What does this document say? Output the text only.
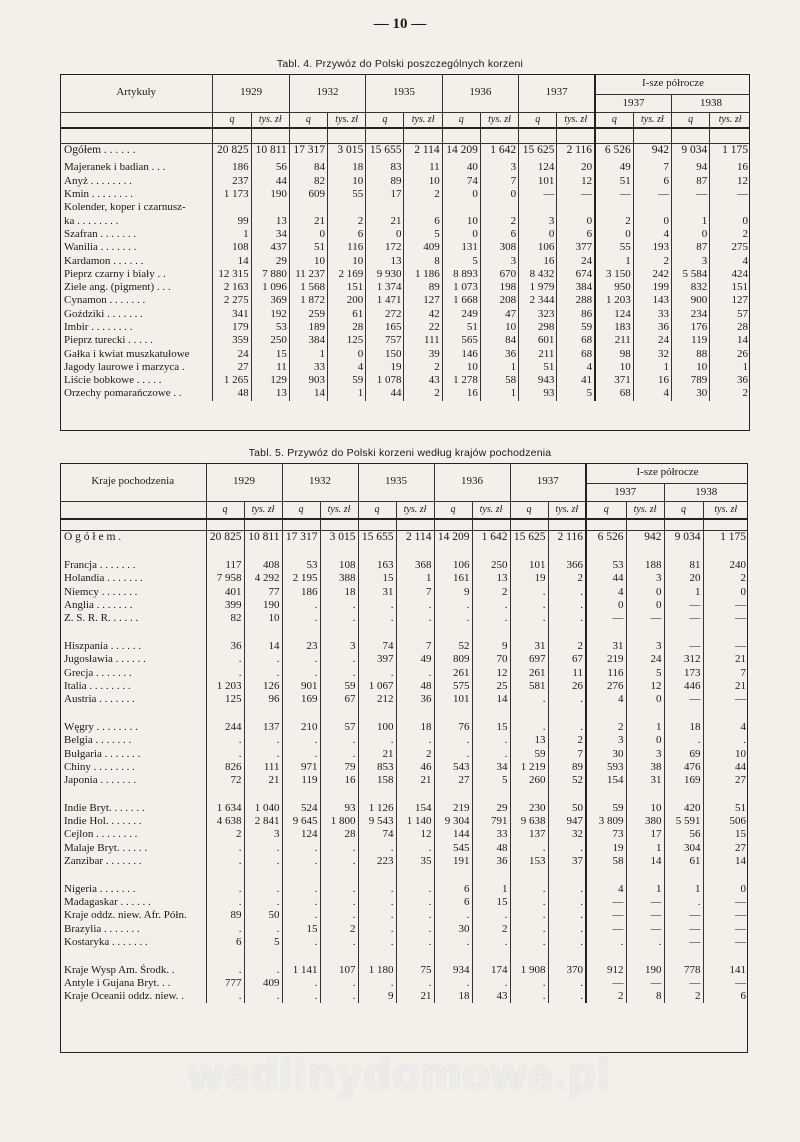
— 10 —
Tabl. 4. Przywóz do Polski poszczególnych korzeni
Artykuły	1929		1932		1935		1936		1937		I-sze półrocze			
											1937		1938	
	q	tys. zł	q	tys. zł	q	tys. zł	q	tys. zł	q	tys. zł	q	tys. zł	q	tys. zł

Ogółem . . . . . .	20 825	10 811	17 317	3 015	15 655	2 114	14 209	1 642	15 625	2 116	6 526	942	9 034	1 175

Majeranek i badian . . .	186	56	84	18	83	11	40	3	124	20	49	7	94	16
Anyż . . . . . . . .	237	44	82	10	89	10	74	7	101	12	51	6	87	12
Kmin . . . . . . . .	1 173	190	609	55	17	2	0	0	—	—	—	—	—	—
Kolender, koper i czarnusz-														
ka . . . . . . . .	99	13	21	2	21	6	10	2	3	0	2	0	1	0
Szafran . . . . . . .	1	34	0	6	0	5	0	6	0	6	0	4	0	2
Wanilia . . . . . . .	108	437	51	116	172	409	131	308	106	377	55	193	87	275
Kardamon . . . . . .	14	29	10	10	13	8	5	3	16	24	1	2	3	4
Pieprz czarny i biały . .	12 315	7 880	11 237	2 169	9 930	1 186	8 893	670	8 432	674	3 150	242	5 584	424
Ziele ang. (pigment) . . .	2 163	1 096	1 568	151	1 374	89	1 073	198	1 979	384	950	199	832	151
Cynamon . . . . . . .	2 275	369	1 872	200	1 471	127	1 668	208	2 344	288	1 203	143	900	127
Goździki . . . . . . .	341	192	259	61	272	42	249	47	323	86	124	33	234	57
Imbir . . . . . . . .	179	53	189	28	165	22	51	10	298	59	183	36	176	28
Pieprz turecki . . . . .	359	250	384	125	757	111	565	84	601	68	211	24	119	14
Gałka i kwiat muszkatułowe	24	15	1	0	150	39	146	36	211	68	98	32	88	26
Jagody laurowe i marzyca .	27	11	33	4	19	2	10	1	51	4	10	1	10	1
Liście bobkowe . . . . .	1 265	129	903	59	1 078	43	1 278	58	943	41	371	16	789	36
Orzechy pomarańczowe . .	48	13	14	1	44	2	16	1	93	5	68	4	30	2
Tabl. 5. Przywóz do Polski korzeni według krajów pochodzenia
Kraje pochodzenia	1929		1932		1935		1936		1937		I-sze półrocze			
											1937		1938	
	q	tys. zł	q	tys. zł	q	tys. zł	q	tys. zł	q	tys. zł	q	tys. zł	q	tys. zł

O g ó ł e m .	20 825	10 811	17 317	3 015	15 655	2 114	14 209	1 642	15 625	2 116	6 526	942	9 034	1 175

Francja . . . . . . .	117	408	53	108	163	368	106	250	101	366	53	188	81	240
Holandia . . . . . . .	7 958	4 292	2 195	388	15	1	161	13	19	2	44	3	20	2
Niemcy . . . . . . .	401	77	186	18	31	7	9	2	.	.	4	0	1	0
Anglia . . . . . . .	399	190	.	.	.	.	.	.	.	.	0	0	—	—
Z. S. R. R. . . . . .	82	10	.	.	.	.	.	.	.	.	—	—	—	—

Hiszpania . . . . . .	36	14	23	3	74	7	52	9	31	2	31	3	—	—
Jugosławia . . . . . .	.	.	.	.	397	49	809	70	697	67	219	24	312	21
Grecja . . . . . . .	.	.	.	.	.	.	261	12	261	11	116	5	173	7
Italia . . . . . . . .	1 203	126	901	59	1 067	48	575	25	581	26	276	12	446	21
Austria . . . . . . .	125	96	169	67	212	36	101	14	.	.	4	0	—	—

Węgry . . . . . . . .	244	137	210	57	100	18	76	15	.	.	2	1	18	4
Belgia . . . . . . .	.	.	.	.	.	.	.	.	13	2	3	0	.	.
Bułgaria . . . . . . .	.	.	.	.	21	2	.	.	59	7	30	3	69	10
Chiny . . . . . . . .	826	111	971	79	853	46	543	34	1 219	89	593	38	476	44
Japonia . . . . . . .	72	21	119	16	158	21	27	5	260	52	154	31	169	27

Indie Bryt. . . . . . .	1 634	1 040	524	93	1 126	154	219	29	230	50	59	10	420	51
Indie Hol. . . . . . .	4 638	2 841	9 645	1 800	9 543	1 140	9 304	791	9 638	947	3 809	380	5 591	506
Cejlon . . . . . . . .	2	3	124	28	74	12	144	33	137	32	73	17	56	15
Malaje Bryt. . . . . .	.	.	.	.	.	.	545	48	.	.	19	1	304	27
Zanzibar . . . . . . .	.	.	.	.	223	35	191	36	153	37	58	14	61	14

Nigeria . . . . . . .	.	.	.	.	.	.	6	1	.	.	4	1	1	0
Madagaskar . . . . . .	.	.	.	.	.	.	6	15	.	.	—	—	.	—
Kraje oddz. niew. Afr. Półn.	89	50	.	.	.	.	.	.	.	.	—	—	—	—
Brazylia . . . . . . .	.	.	15	2	.	.	30	2	.	.	—	—	—	—
Kostaryka . . . . . . .	6	5	.	.	.	.	.	.	.	.	.	.	—	—

Kraje Wysp Am. Środk. .	.	.	1 141	107	1 180	75	934	174	1 908	370	912	190	778	141
Antyle i Gujana Bryt. . .	777	409	.	.	.	.	.	.	.	.	—	—	—	—
Kraje Oceanii oddz. niew. .	.	.	.	.	9	21	18	43	.	.	2	8	2	6
wedlinydomowe.pl
